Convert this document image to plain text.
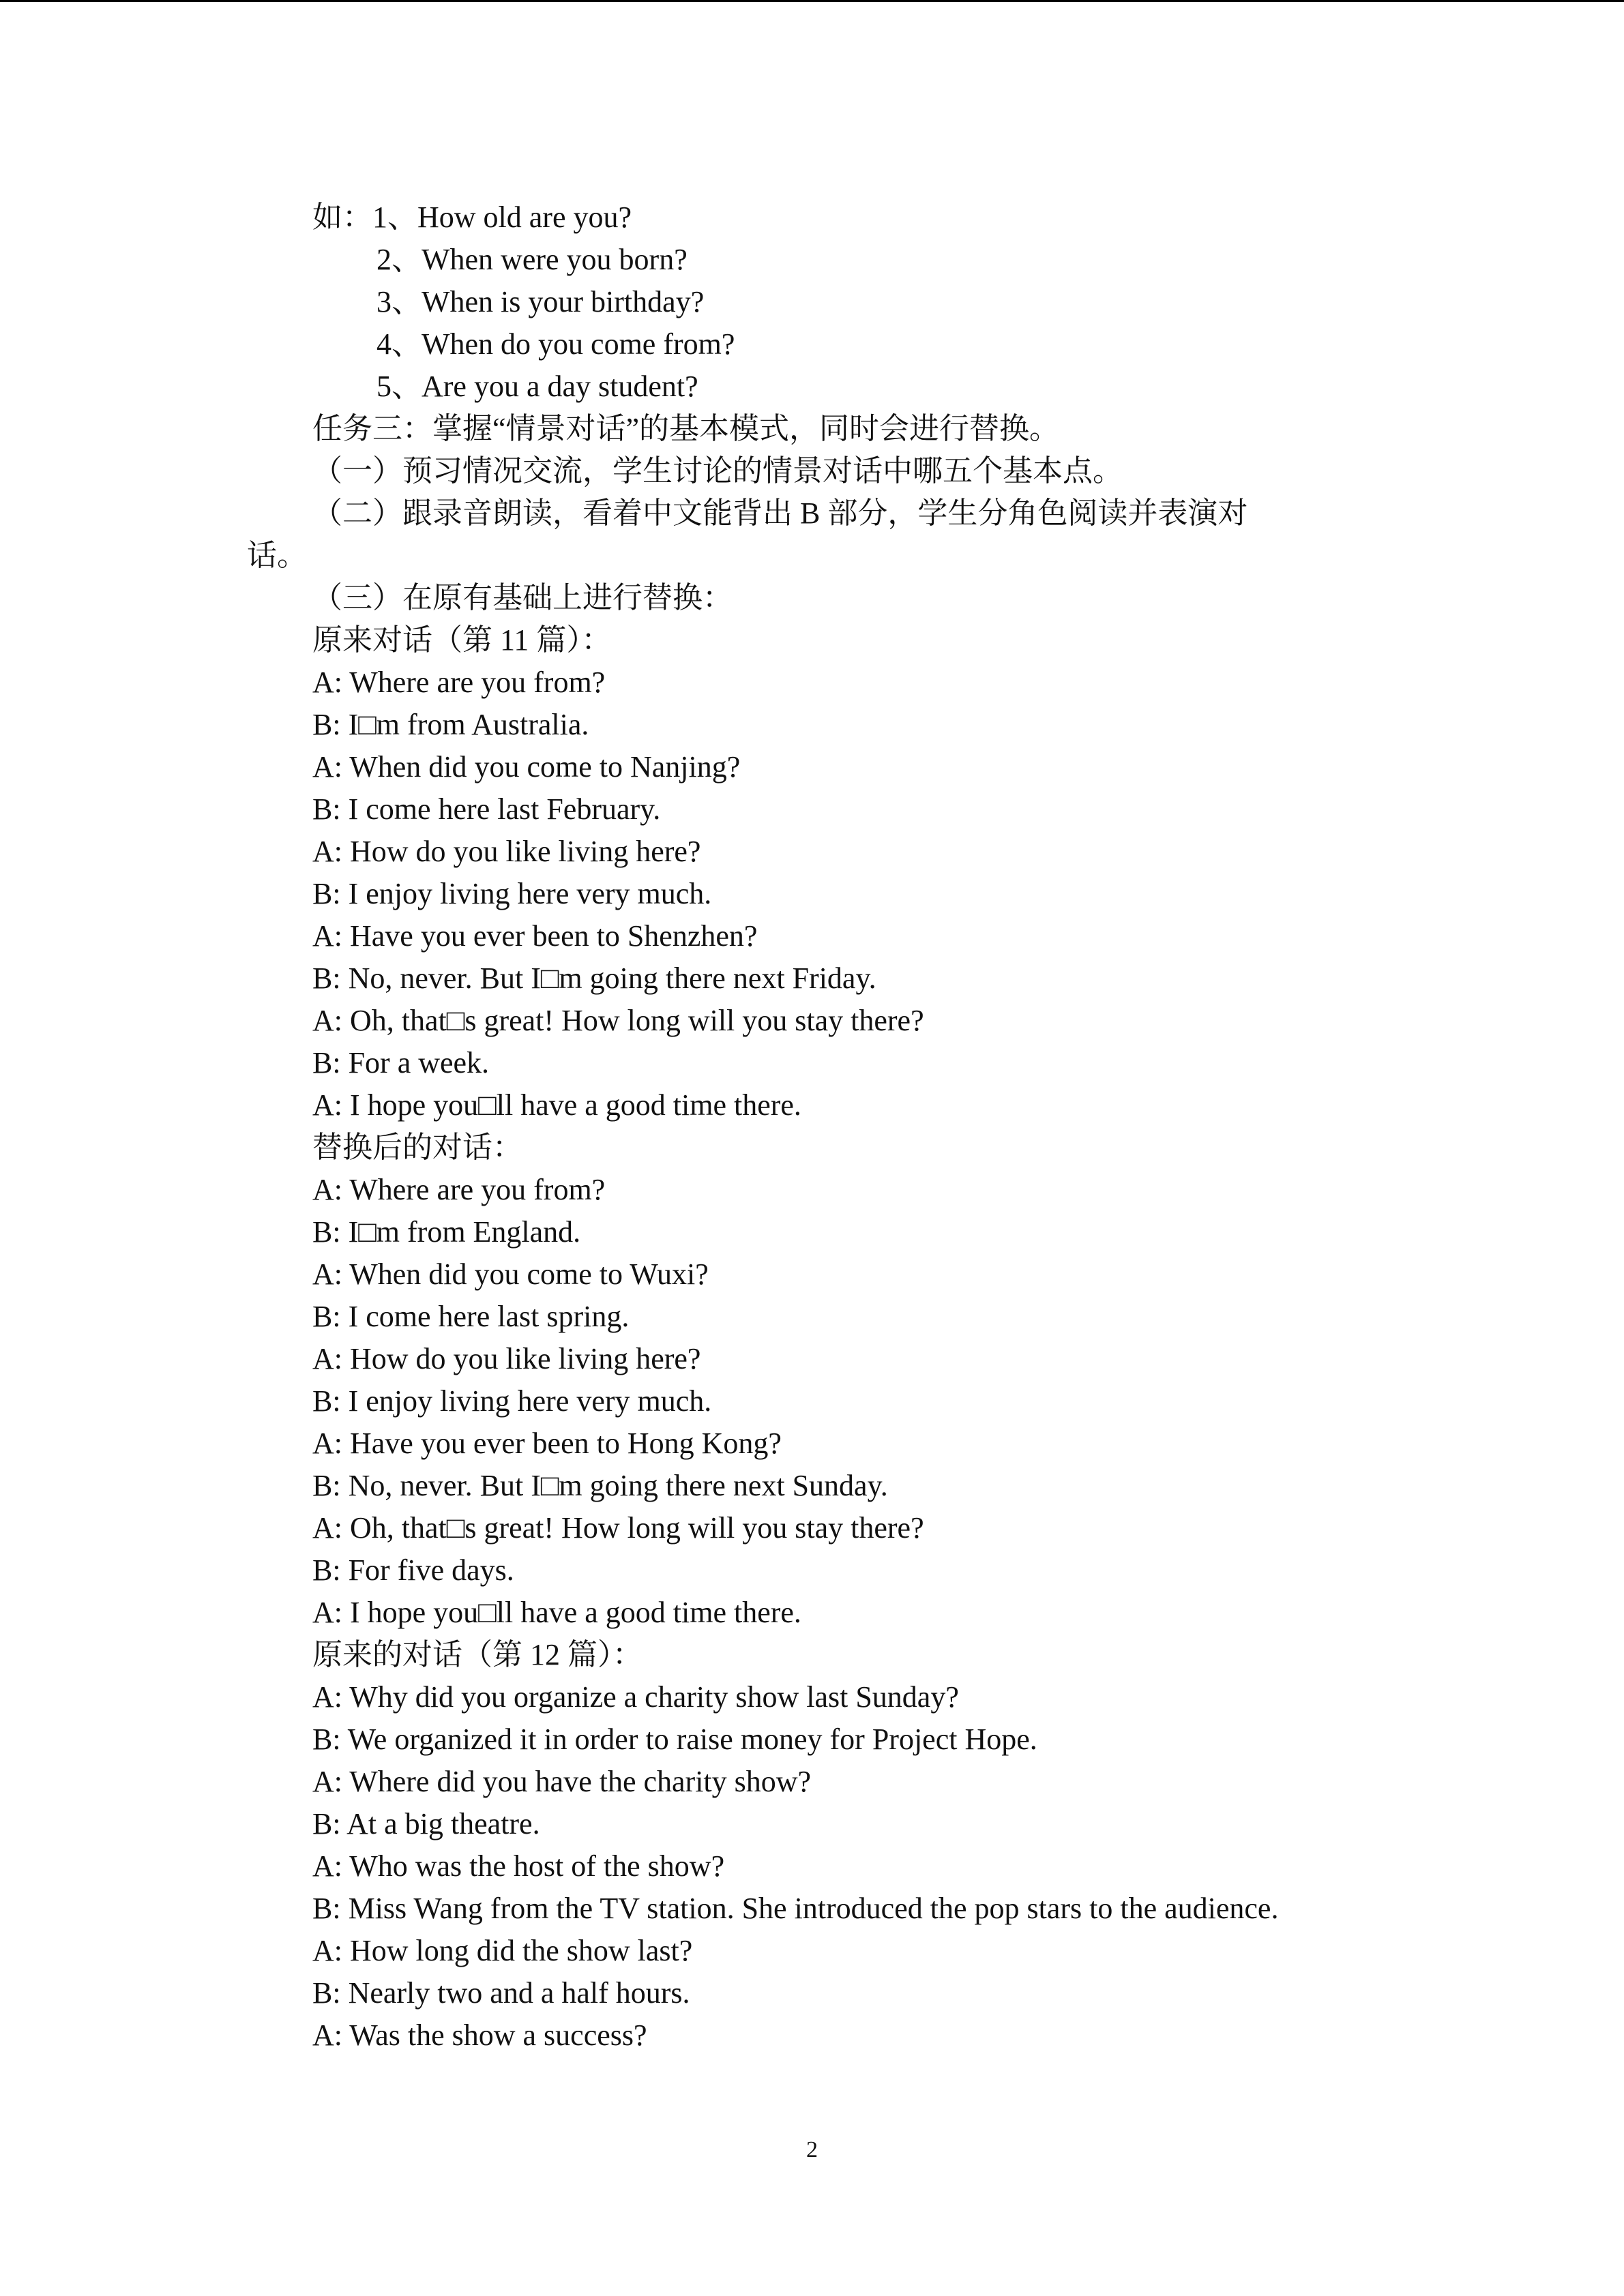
如：1、How old are you?
2、When were you born?
3、When is your birthday?
4、When do you come from?
5、Are you a day student?
任务三：掌握“情景对话”的基本模式，同时会进行替换。
（一）预习情况交流，学生讨论的情景对话中哪五个基本点。
（二）跟录音朗读，看着中文能背出 B 部分，学生分角色阅读并表演对
话。
（三）在原有基础上进行替换：
原来对话（第 11 篇）：
A: Where are you from?
B: I□m from Australia.
A: When did you come to Nanjing?
B: I come here last February.
A: How do you like living here?
B: I enjoy living here very much.
A: Have you ever been to Shenzhen?
B: No, never. But I□m going there next Friday.
A: Oh, that□s great! How long will you stay there?
B: For a week.
A: I hope you□ll have a good time there.
替换后的对话：
A: Where are you from?
B: I□m from England.
A: When did you come to Wuxi?
B: I come here last spring.
A: How do you like living here?
B: I enjoy living here very much.
A: Have you ever been to Hong Kong?
B: No, never. But I□m going there next Sunday.
A: Oh, that□s great! How long will you stay there?
B: For five days.
A: I hope you□ll have a good time there.
原来的对话（第 12 篇）：
A: Why did you organize a charity show last Sunday?
B: We organized it in order to raise money for Project Hope.
A: Where did you have the charity show?
B: At a big theatre.
A: Who was the host of the show?
B: Miss Wang from the TV station. She introduced the pop stars to the audience.
A: How long did the show last?
B: Nearly two and a half hours.
A: Was the show a success?
2
